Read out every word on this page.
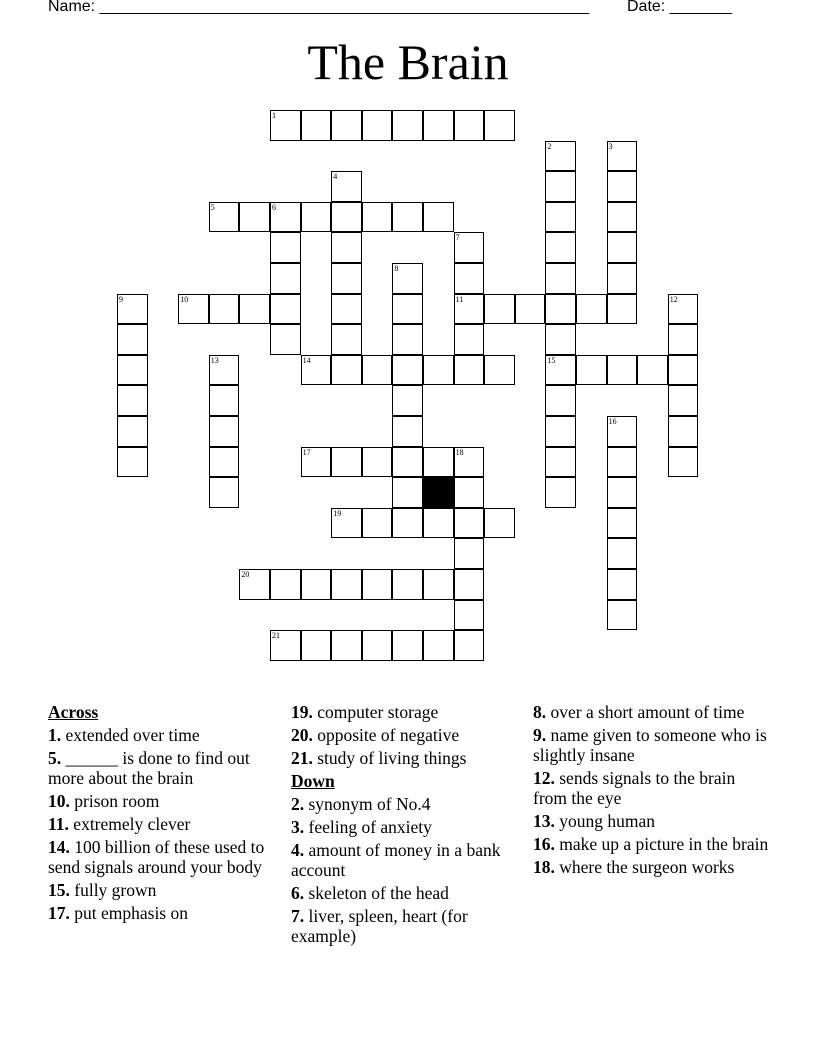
Name: _______________________________________________________ Date: _______
The Brain
1
2
15
3
4
5	6
7
11
8
9	10	12
13	14
16
17	18
19
20
21
Across
1. extended over time
5. ______ is done to find out more about the brain
10. prison room
11. extremely clever
14. 100 billion of these used to send signals around your body
15. fully grown
17. put emphasis on
19. computer storage
20. opposite of negative
21. study of living things
Down
2. synonym of No.4
3. feeling of anxiety
4. amount of money in a bank account
6. skeleton of the head
7. liver, spleen, heart (for example)
8. over a short amount of time
9. name given to someone who is slightly insane
12. sends signals to the brain from the eye
13. young human
16. make up a picture in the brain
18. where the surgeon works
